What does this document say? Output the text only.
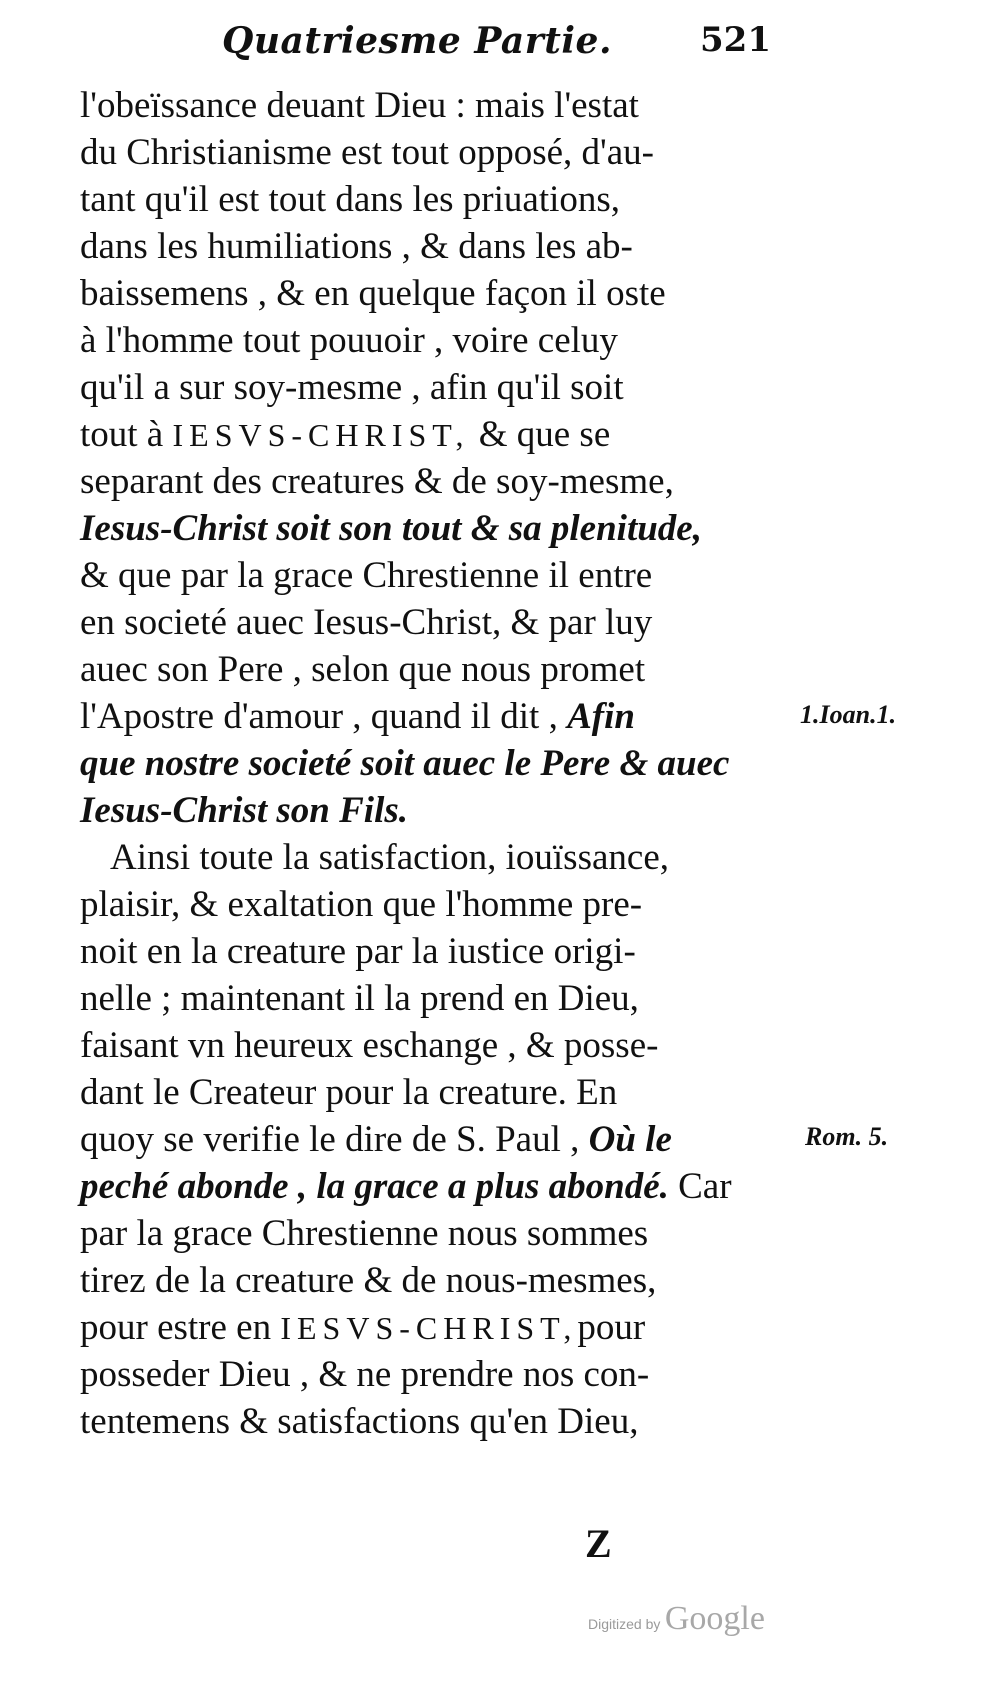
Quatriesme Partie.	521
l'obeïssance deuant Dieu : mais l'estat
du Christianisme est tout opposé, d'au-
tant qu'il est tout dans les priuations,
dans les humiliations , & dans les ab-
baissemens , & en quelque façon il oste
à l'homme tout pouuoir , voire celuy
qu'il a sur soy-mesme , afin qu'il soit
tout à IESVS-CHRIST, & que se
separant des creatures & de soy-mesme,
Iesus-Christ soit son tout & sa plenitude,
& que par la grace Chrestienne il entre
en societé auec Iesus-Christ, & par luy
auec son Pere , selon que nous promet
l'Apostre d'amour , quand il dit , Afin
que nostre societé soit auec le Pere & auec
Iesus-Christ son Fils.
Ainsi toute la satisfaction, iouïssance,
plaisir, & exaltation que l'homme pre-
noit en la creature par la iustice origi-
nelle ; maintenant il la prend en Dieu,
faisant vn heureux eschange , & posse-
dant le Createur pour la creature. En
quoy se verifie le dire de S. Paul , Où le
peché abonde , la grace a plus abondé. Car
par la grace Chrestienne nous sommes
tirez de la creature & de nous-mesmes,
pour estre en IESVS-CHRIST,pour
posseder Dieu , & ne prendre nos con-
tentemens & satisfactions qu'en Dieu,
1.Ioan.1.
Rom. 5.
Z
Digitized by Google
